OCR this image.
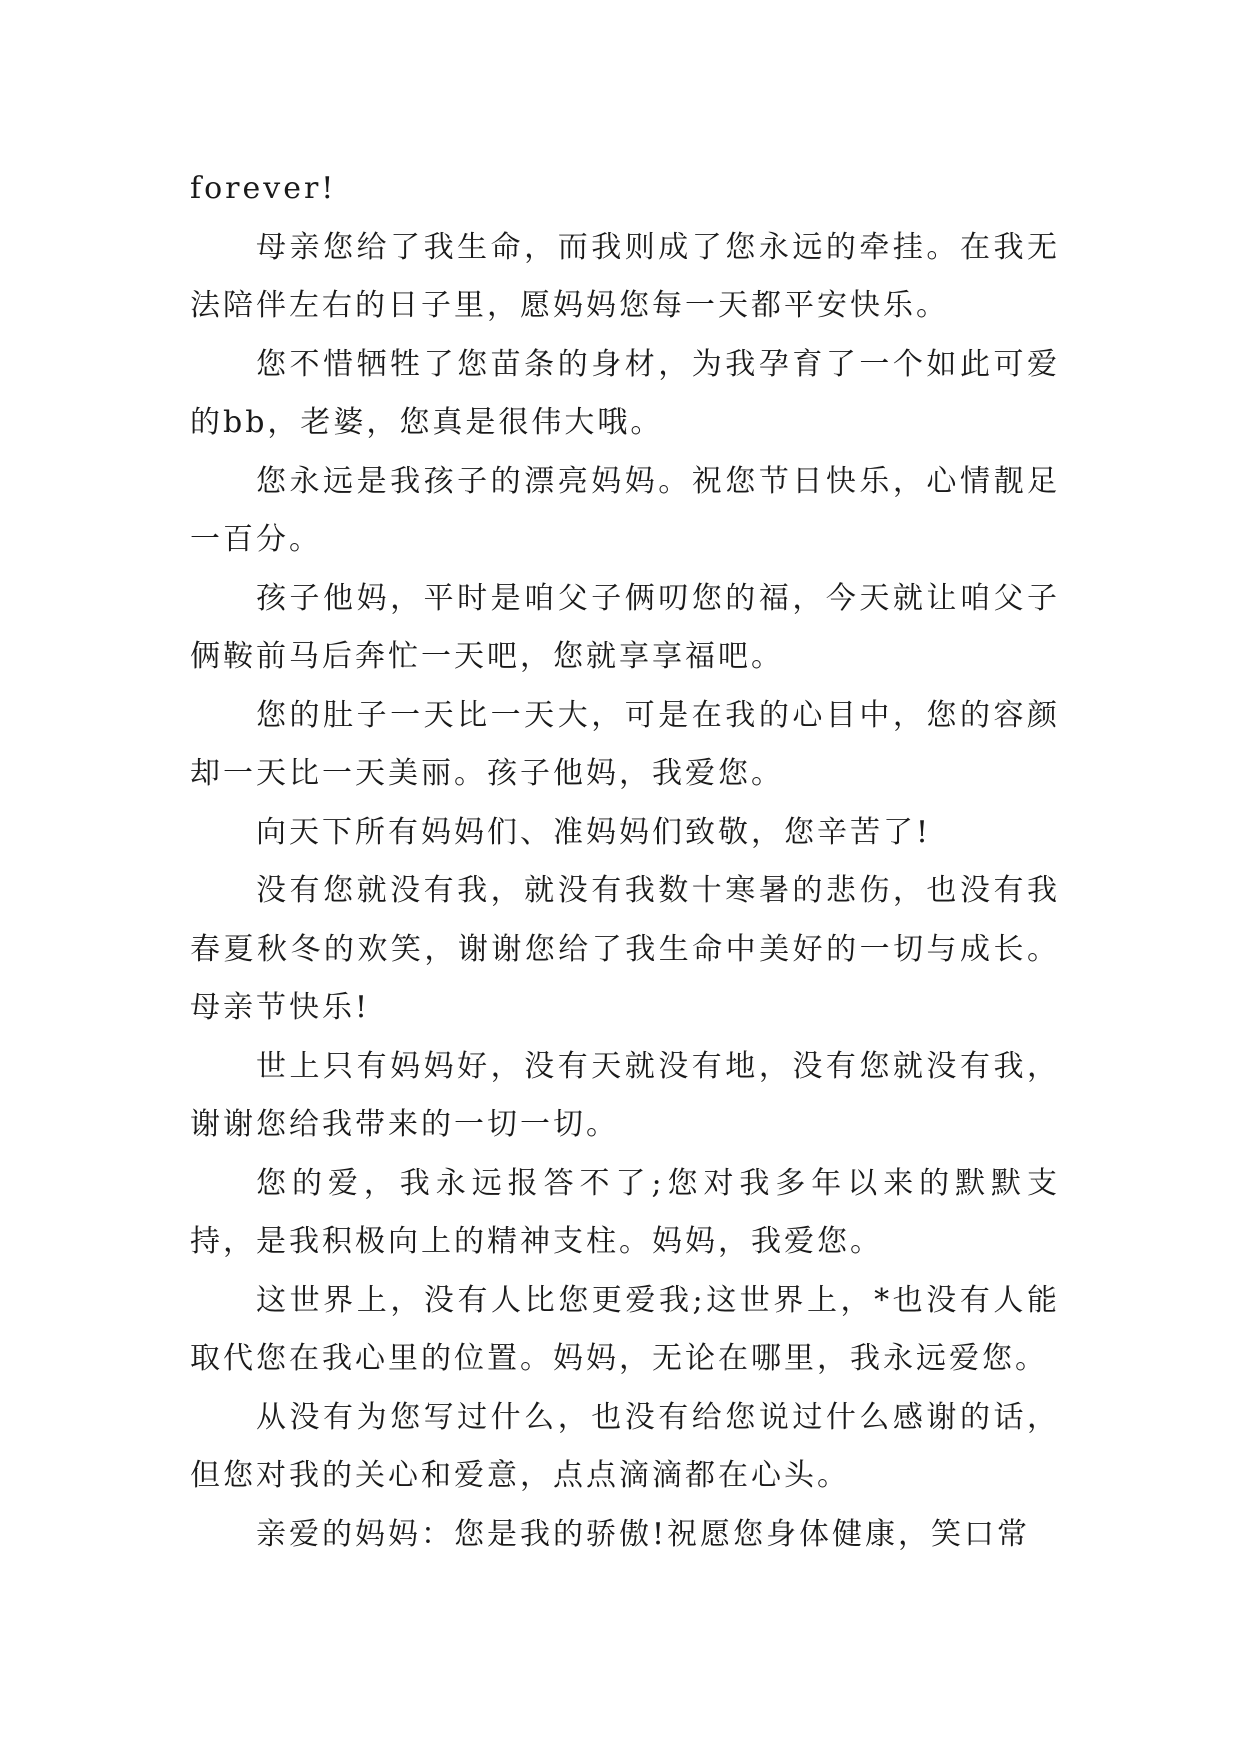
forever!

母亲您给了我生命，而我则成了您永远的牵挂。在我无法陪伴左右的日子里，愿妈妈您每一天都平安快乐。

您不惜牺牲了您苗条的身材，为我孕育了一个如此可爱的bb，老婆，您真是很伟大哦。

您永远是我孩子的漂亮妈妈。祝您节日快乐，心情靓足一百分。

孩子他妈，平时是咱父子俩叨您的福，今天就让咱父子俩鞍前马后奔忙一天吧，您就享享福吧。

您的肚子一天比一天大，可是在我的心目中，您的容颜却一天比一天美丽。孩子他妈，我爱您。

向天下所有妈妈们、准妈妈们致敬，您辛苦了!

没有您就没有我，就没有我数十寒暑的悲伤，也没有我春夏秋冬的欢笑，谢谢您给了我生命中美好的一切与成长。母亲节快乐!

世上只有妈妈好，没有天就没有地，没有您就没有我，谢谢您给我带来的一切一切。

您的爱，我永远报答不了;您对我多年以来的默默支持，是我积极向上的精神支柱。妈妈，我爱您。

这世界上，没有人比您更爱我;这世界上，*也没有人能取代您在我心里的位置。妈妈，无论在哪里，我永远爱您。

从没有为您写过什么，也没有给您说过什么感谢的话，但您对我的关心和爱意，点点滴滴都在心头。

亲爱的妈妈：您是我的骄傲!祝愿您身体健康，笑口常
